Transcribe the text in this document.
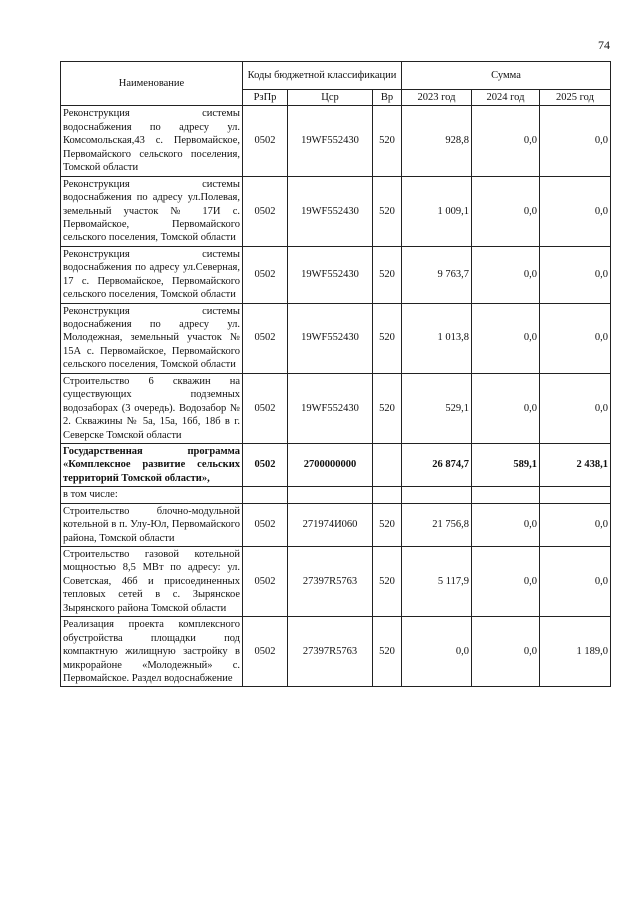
74
Наименование	Коды бюджетной классификации			Сумма		
	РзПр	Цср	Вр	2023 год	2024 год	2025 год
Реконструкция системы водоснабжения по адресу ул. Комсомольская,43 с. Первомайское, Первомайского сельского поселения, Томской области	0502	19WF552430	520	928,8	0,0	0,0
Реконструкция системы водоснабжения по адресу ул.Полевая, земельный участок № 17И с. Первомайское, Первомайского сельского поселения, Томской области	0502	19WF552430	520	1 009,1	0,0	0,0
Реконструкция системы водоснабжения по адресу ул.Северная, 17 с. Первомайское, Первомайского сельского поселения, Томской области	0502	19WF552430	520	9 763,7	0,0	0,0
Реконструкция системы водоснабжения по адресу ул. Молодежная, земельный участок № 15А с. Первомайское, Первомайского сельского поселения, Томской области	0502	19WF552430	520	1 013,8	0,0	0,0
Строительство 6 скважин на существующих подземных водозаборах (3 очередь). Водозабор № 2. Скважины № 5а, 15а, 16б, 18б в г. Северске Томской области	0502	19WF552430	520	529,1	0,0	0,0
Государственная программа «Комплексное развитие сельских территорий Томской области»,	0502	2700000000		26 874,7	589,1	2 438,1
в том числе:						
Строительство блочно-модульной котельной в п. Улу-Юл, Первомайского района, Томской области	0502	271974И060	520	21 756,8	0,0	0,0
Строительство газовой котельной мощностью 8,5 МВт по адресу: ул. Советская, 46б и присоединенных тепловых сетей в с. Зырянское Зырянского района Томской области	0502	27397R5763	520	5 117,9	0,0	0,0
Реализация проекта комплексного обустройства площадки под компактную жилищную застройку в микрорайоне «Молодежный» с. Первомайское. Раздел водоснабжение	0502	27397R5763	520	0,0	0,0	1 189,0
